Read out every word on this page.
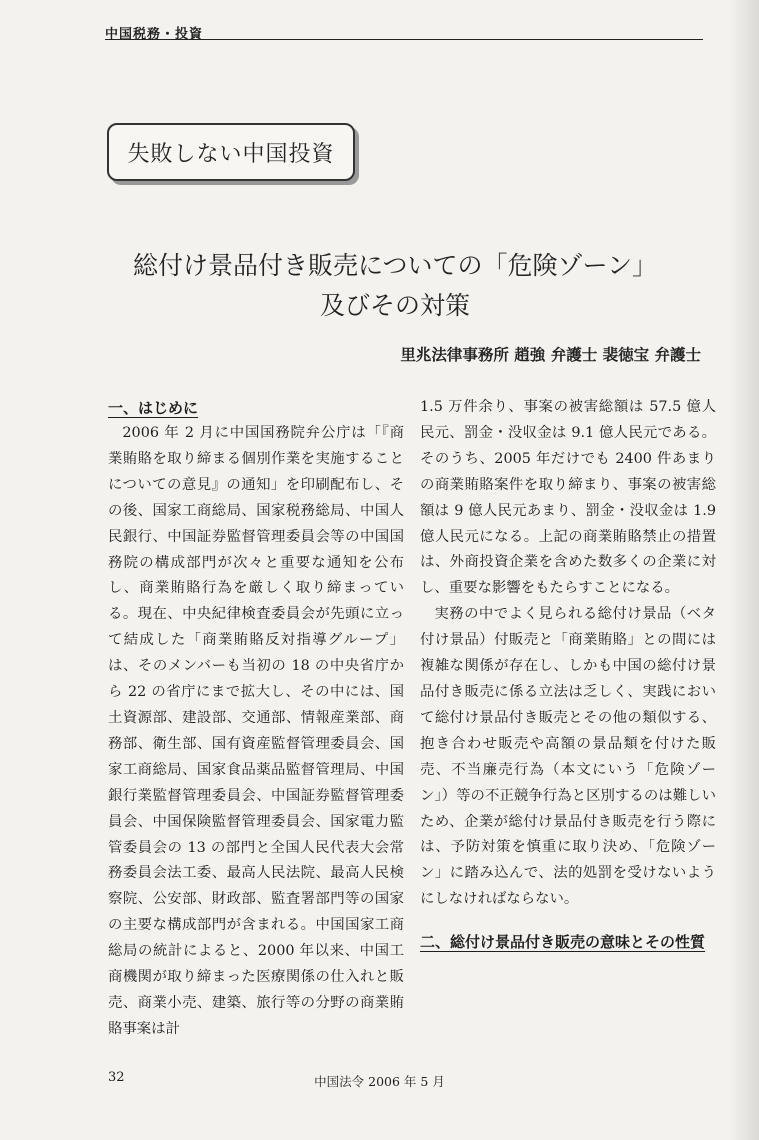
中国税務・投資
失敗しない中国投資
総付け景品付き販売についての「危険ゾーン」
及びその対策
里兆法律事務所 趙強 弁護士 裴徳宝 弁護士
一、はじめに

2006 年 2 月に中国国務院弁公庁は「『商業賄賂を取り締まる個別作業を実施することについての意見』の通知」を印刷配布し、その後、国家工商総局、国家税務総局、中国人民銀行、中国証券監督管理委員会等の中国国務院の構成部門が次々と重要な通知を公布し、商業賄賂行為を厳しく取り締まっている。現在、中央紀律検査委員会が先頭に立って結成した「商業賄賂反対指導グループ」は、そのメンバーも当初の 18 の中央省庁から 22 の省庁にまで拡大し、その中には、国土資源部、建設部、交通部、情報産業部、商務部、衛生部、国有資産監督管理委員会、国家工商総局、国家食品薬品監督管理局、中国銀行業監督管理委員会、中国証券監督管理委員会、中国保険監督管理委員会、国家電力監管委員会の 13 の部門と全国人民代表大会常務委員会法工委、最高人民法院、最高人民検察院、公安部、財政部、監査署部門等の国家の主要な構成部門が含まれる。中国国家工商総局の統計によると、2000 年以来、中国工商機関が取り締まった医療関係の仕入れと販売、商業小売、建築、旅行等の分野の商業賄賂事案は計

1.5 万件余り、事案の被害総額は 57.5 億人民元、罰金・没収金は 9.1 億人民元である。そのうち、2005 年だけでも 2400 件あまりの商業賄賂案件を取り締まり、事案の被害総額は 9 億人民元あまり、罰金・没収金は 1.9 億人民元になる。上記の商業賄賂禁止の措置は、外商投資企業を含めた数多くの企業に対し、重要な影響をもたらすことになる。

実務の中でよく見られる総付け景品（ベタ付け景品）付販売と「商業賄賂」との間には複雑な関係が存在し、しかも中国の総付け景品付き販売に係る立法は乏しく、実践において総付け景品付き販売とその他の類似する、抱き合わせ販売や高額の景品類を付けた販売、不当廉売行為（本文にいう「危険ゾーン」）等の不正競争行為と区別するのは難しいため、企業が総付け景品付き販売を行う際には、予防対策を慎重に取り決め、「危険ゾーン」に踏み込んで、法的処罰を受けないようにしなければならない。

二、総付け景品付き販売の意味とその性質
32	中国法令 2006 年 5 月
